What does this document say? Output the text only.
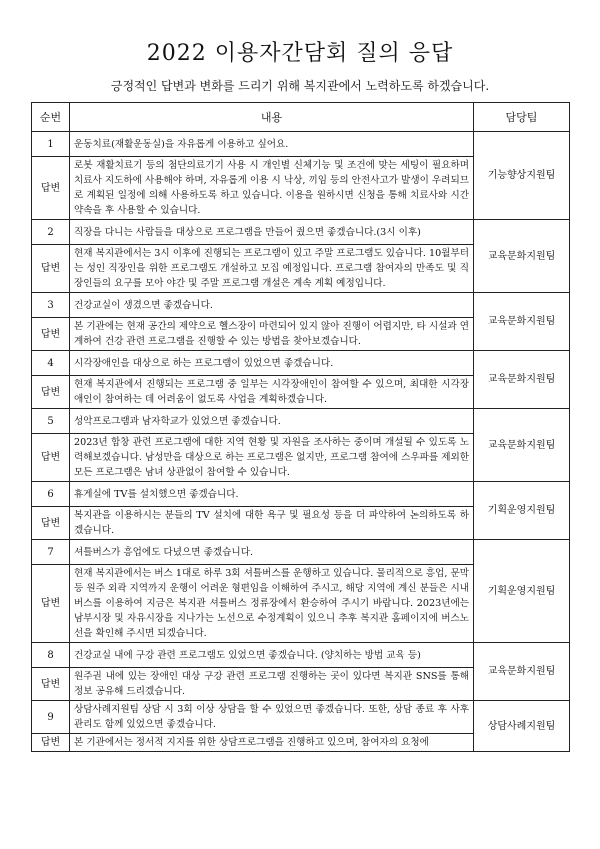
2022 이용자간담회 질의 응답
긍정적인 답변과 변화를 드리기 위해 복지관에서 노력하도록 하겠습니다.
순번	내용	담당팀
1	운동치료(재활운동실)을 자유롭게 이용하고 싶어요.	기능향상지원팀
답변	로봇 재활치료기 등의 첨단의료기기 사용 시 개인별 신체기능 및 조건에 맞는 세팅이 필요하며 치료사 지도하에 사용해야 하며, 자유롭게 이용 시 낙상, 끼임 등의 안전사고가 발생이 우려되므로 계획된 일정에 의해 사용하도록 하고 있습니다. 이용을 원하시면 신청을 통해 치료사와 시간 약속을 후 사용할 수 있습니다.	
2	직장을 다니는 사람들을 대상으로 프로그램을 만들어 줬으면 좋겠습니다.(3시 이후)	교육문화지원팀
답변	현재 복지관에서는 3시 이후에 진행되는 프로그램이 있고 주말 프로그램도 있습니다. 10월부터는 성인 직장인을 위한 프로그램도 개설하고 모집 예정입니다. 프로그램 참여자의 만족도 및 직장인들의 요구를 모아 야간 및 주말 프로그램 개설은 계속 계획 예정입니다.	
3	건강교실이 생겼으면 좋겠습니다.	교육문화지원팀
답변	본 기관에는 현재 공간의 제약으로 헬스장이 마련되어 있지 않아 진행이 어렵지만, 타 시설과 연계하여 건강 관련 프로그램을 진행할 수 있는 방법을 찾아보겠습니다.	
4	시각장애인을 대상으로 하는 프로그램이 있었으면 좋겠습니다.	교육문화지원팀
답변	현재 복지관에서 진행되는 프로그램 중 일부는 시각장애인이 참여할 수 있으며, 최대한 시각장애인이 참여하는 데 어려움이 없도록 사업을 계획하겠습니다.	
5	성악프로그램과 남자학교가 있었으면 좋겠습니다.	교육문화지원팀
답변	2023년 합창 관련 프로그램에 대한 지역 현황 및 자원을 조사하는 중이며 개설될 수 있도록 노력해보겠습니다. 남성만을 대상으로 하는 프로그램은 없지만, 프로그램 참여에 스우파를 제외한 모든 프로그램은 남녀 상관없이 참여할 수 있습니다.	
6	휴게실에 TV를 설치했으면 좋겠습니다.	기획운영지원팀
답변	복지관을 이용하시는 분들의 TV 설치에 대한 욕구 및 필요성 등을 더 파악하여 논의하도록 하겠습니다.	
7	셔틀버스가 흥업에도 다녔으면 좋겠습니다.	기획운영지원팀
답변	현재 복지관에서는 버스 1대로 하루 3회 셔틀버스를 운행하고 있습니다. 물리적으로 흥업, 문막 등 원주 외곽 지역까지 운행이 어려운 형편임을 이해하여 주시고, 해당 지역에 계신 분들은 시내버스를 이용하여 지금은 복지관 셔틀버스 정류장에서 환승하여 주시기 바랍니다. 2023년에는 남부시장 및 자유시장을 지나가는 노선으로 수정계획이 있으니 추후 복지관 홈페이지에 버스노선을 확인해 주시면 되겠습니다.	
8	건강교실 내에 구강 관련 프로그램도 있었으면 좋겠습니다. (양치하는 방법 교육 등)	교육문화지원팀
답변	원주권 내에 있는 장애인 대상 구강 관련 프로그램 진행하는 곳이 있다면 복지관 SNS를 통해 정보 공유해 드리겠습니다.	
9	상담사례지원팀 상담 시 3회 이상 상담을 할 수 있었으면 좋겠습니다. 또한, 상담 종료 후 사후관리도 함께 있었으면 좋겠습니다.	상담사례지원팀
답변	본 기관에서는 정서적 지지를 위한 상담프로그램을 진행하고 있으며, 참여자의 요청에	
